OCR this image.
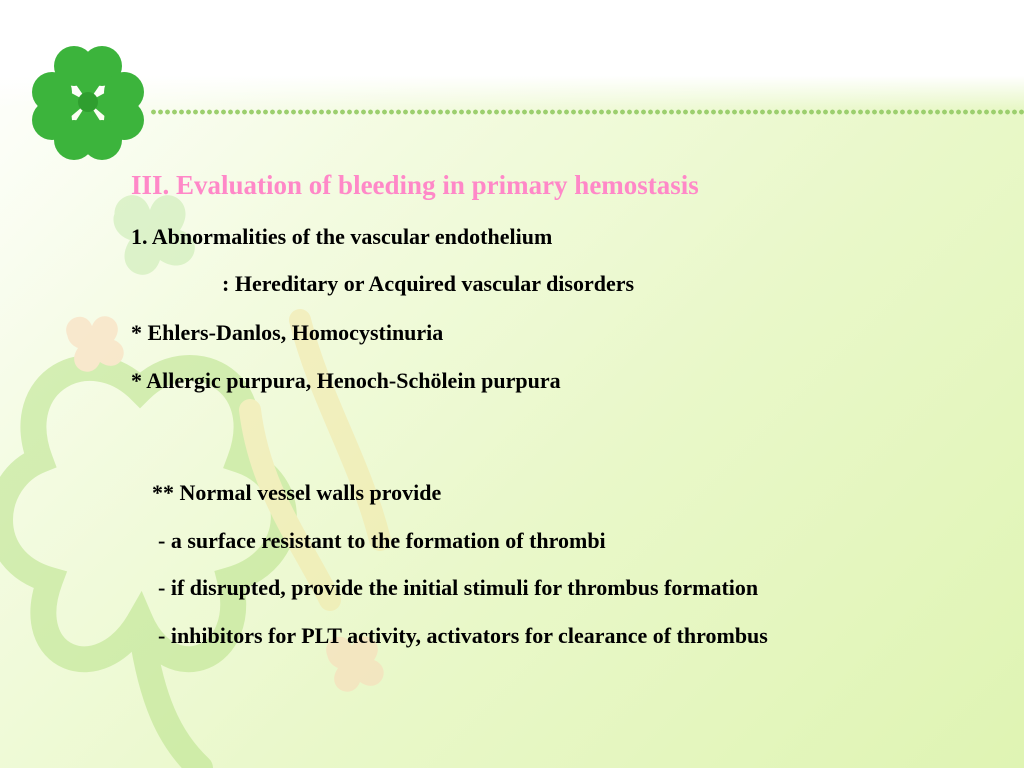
III. Evaluation of bleeding in primary hemostasis
1. Abnormalities of the vascular endothelium
: Hereditary or Acquired vascular disorders
* Ehlers-Danlos, Homocystinuria
* Allergic purpura, Henoch-Schölein purpura
** Normal vessel walls provide
- a surface resistant to the formation of thrombi
- if disrupted, provide the initial stimuli for thrombus formation
- inhibitors for PLT activity, activators for clearance of thrombus
